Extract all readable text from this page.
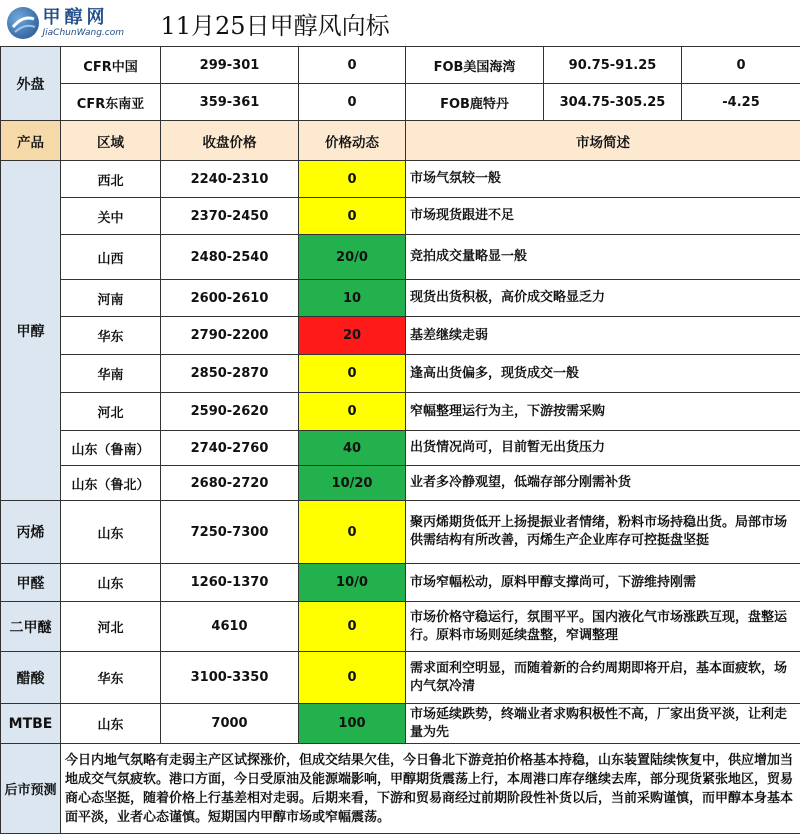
甲醇网
JiaChunWang.com		11月25日甲醇风向标				
外盘	CFR中国	299-301	0	FOB美国海湾	90.75-91.25	0
	CFR东南亚	359-361	0	FOB鹿特丹	304.75-305.25	-4.25
产品	区域	收盘价格	价格动态	市场简述		
甲醇	西北	2240-2310	0	市场气氛较一般		
	关中	2370-2450	0	市场现货跟进不足		
	山西	2480-2540	20/0	竞拍成交量略显一般		
	河南	2600-2610	10	现货出货积极，高价成交略显乏力		
	华东	2790-2200	20	基差继续走弱		
	华南	2850-2870	0	逢高出货偏多，现货成交一般		
	河北	2590-2620	0	窄幅整理运行为主，下游按需采购		
	山东（鲁南）	2740-2760	40	出货情况尚可，目前暂无出货压力		
	山东（鲁北）	2680-2720	10/20	业者多冷静观望，低端存部分刚需补货		
丙烯	山东	7250-7300	0	聚丙烯期货低开上扬提振业者情绪，粉料市场持稳出货。局部市场供需结构有所改善，丙烯生产企业库存可控挺盘坚挺		
甲醛	山东	1260-1370	10/0	市场窄幅松动，原料甲醇支撑尚可，下游维持刚需		
二甲醚	河北	4610	0	市场价格守稳运行，氛围平平。国内液化气市场涨跌互现，盘整运行。原料市场则延续盘整，窄调整理		
醋酸	华东	3100-3350	0	需求面利空明显，而随着新的合约周期即将开启，基本面疲软，场内气氛冷清		
MTBE	山东	7000	100	市场延续跌势，终端业者求购积极性不高，厂家出货平淡，让利走量为先		
后市预测	今日内地气氛略有走弱主产区试探涨价，但成交结果欠佳，今日鲁北下游竞拍价格基本持稳，山东装置陆续恢复中，供应增加当地成交气氛疲软。港口方面，今日受原油及能源端影响，甲醇期货震荡上行，本周港口库存继续去库，部分现货紧张地区，贸易商心态坚挺，随着价格上行基差相对走弱。后期来看，下游和贸易商经过前期阶段性补货以后，当前采购谨慎，而甲醇本身基本面平淡，业者心态谨慎。短期国内甲醇市场或窄幅震荡。					
